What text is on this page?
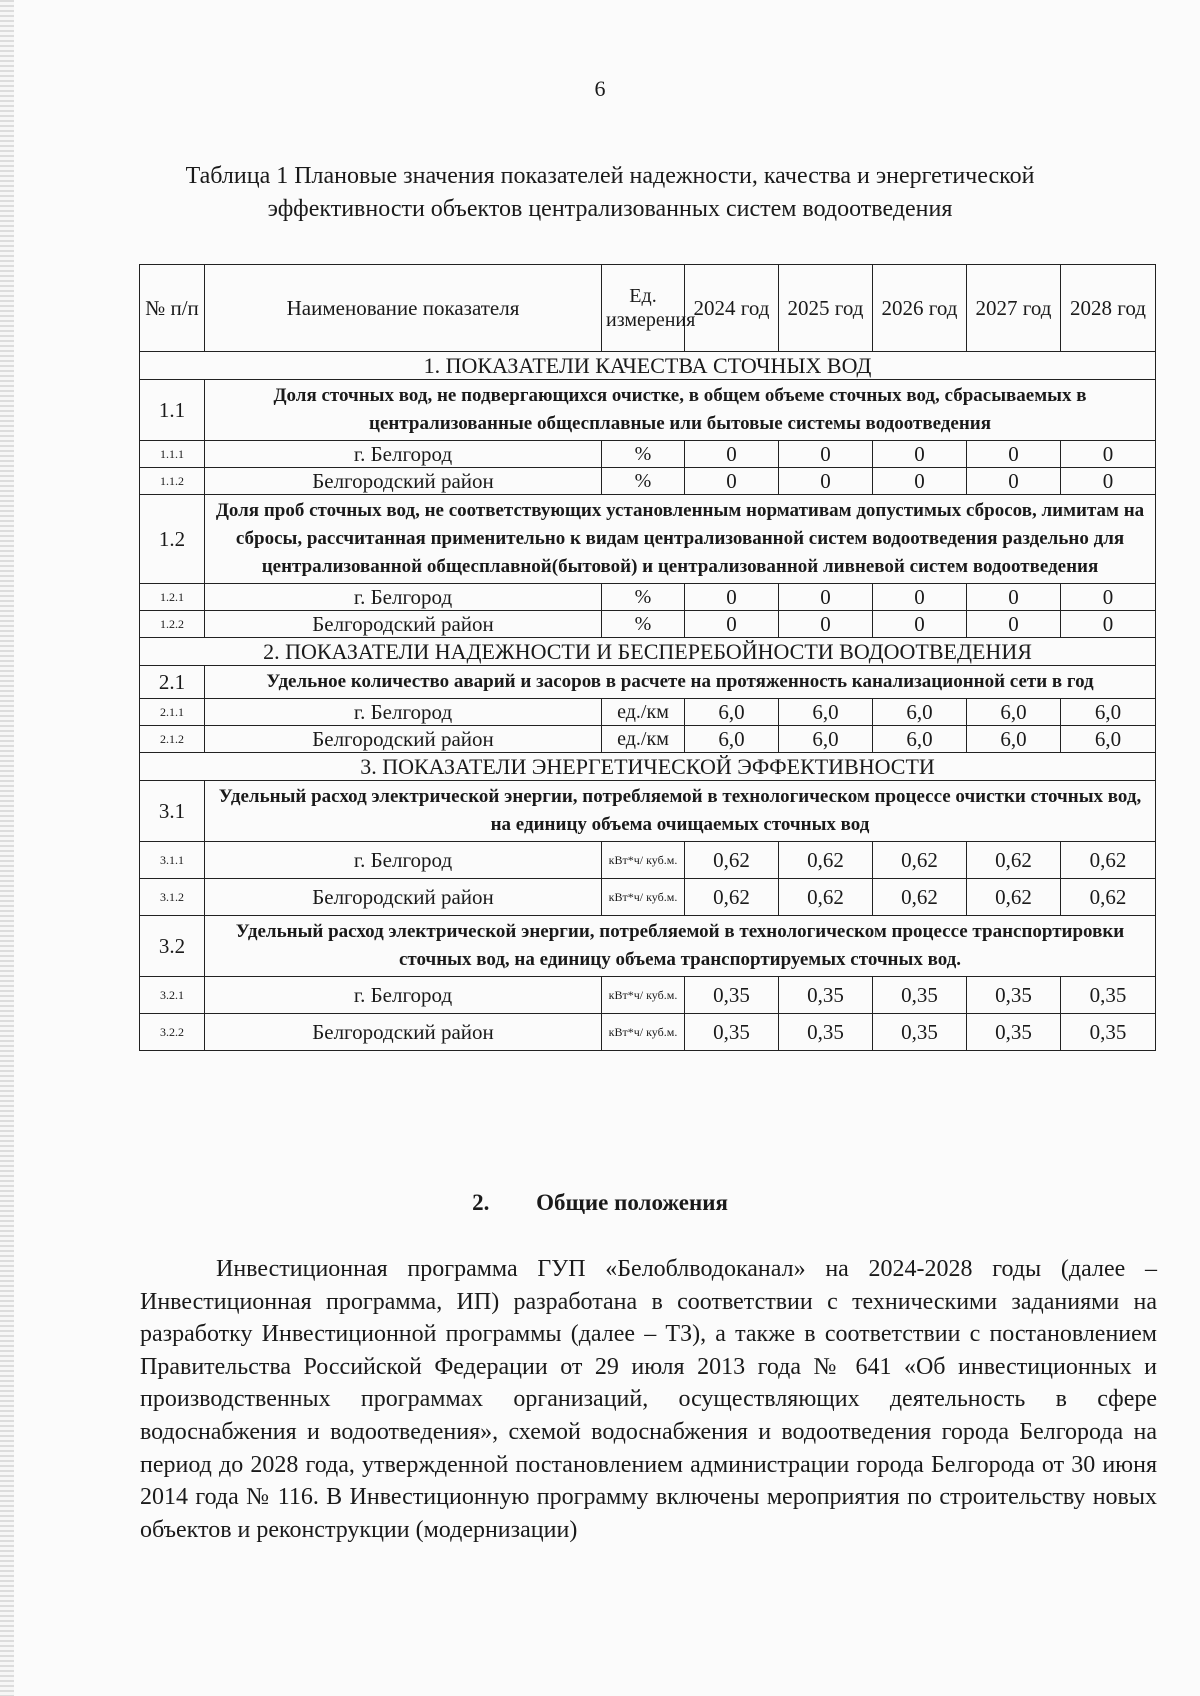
6
Таблица 1 Плановые значения показателей надежности, качества и энергетической эффективности объектов централизованных систем водоотведения
№ п/п	Наименование показателя	Ед. измерения	2024 год	2025 год	2026 год	2027 год	2028 год
1. ПОКАЗАТЕЛИ КАЧЕСТВА СТОЧНЫХ ВОД							
1.1	Доля сточных вод, не подвергающихся очистке, в общем объеме сточных вод, сбрасываемых в централизованные общесплавные или бытовые системы водоотведения						
1.1.1	г. Белгород	%	0	0	0	0	0
1.1.2	Белгородский район	%	0	0	0	0	0
1.2	Доля проб сточных вод, не соответствующих установленным нормативам допустимых сбросов, лимитам на сбросы, рассчитанная применительно к видам централизованной систем водоотведения раздельно для централизованной общесплавной(бытовой) и централизованной ливневой систем водоотведения						
1.2.1	г. Белгород	%	0	0	0	0	0
1.2.2	Белгородский район	%	0	0	0	0	0
2. ПОКАЗАТЕЛИ НАДЕЖНОСТИ И БЕСПЕРЕБОЙНОСТИ ВОДООТВЕДЕНИЯ							
2.1	Удельное количество аварий и засоров в расчете на протяженность канализационной сети в год						
2.1.1	г. Белгород	ед./км	6,0	6,0	6,0	6,0	6,0
2.1.2	Белгородский район	ед./км	6,0	6,0	6,0	6,0	6,0
3. ПОКАЗАТЕЛИ ЭНЕРГЕТИЧЕСКОЙ ЭФФЕКТИВНОСТИ							
3.1	Удельный расход электрической энергии, потребляемой в технологическом процессе очистки сточных вод, на единицу объема очищаемых сточных вод						
3.1.1	г. Белгород	кВт*ч/ куб.м.	0,62	0,62	0,62	0,62	0,62
3.1.2	Белгородский район	кВт*ч/ куб.м.	0,62	0,62	0,62	0,62	0,62
3.2	Удельный расход электрической энергии, потребляемой в технологическом процессе транспортировки сточных вод, на единицу объема транспортируемых сточных вод.						
3.2.1	г. Белгород	кВт*ч/ куб.м.	0,35	0,35	0,35	0,35	0,35
3.2.2	Белгородский район	кВт*ч/ куб.м.	0,35	0,35	0,35	0,35	0,35
2. Общие положения
Инвестиционная программа ГУП «Белоблводоканал» на 2024-2028 годы (далее – Инвестиционная программа, ИП) разработана в соответствии с техническими заданиями на разработку Инвестиционной программы (далее – ТЗ), а также в соответствии с постановлением Правительства Российской Федерации от 29 июля 2013 года № 641 «Об инвестиционных и производственных программах организаций, осуществляющих деятельность в сфере водоснабжения и водоотведения», схемой водоснабжения и водоотведения города Белгорода на период до 2028 года, утвержденной постановлением администрации города Белгорода от 30 июня 2014 года № 116. В Инвестиционную программу включены мероприятия по строительству новых объектов и реконструкции (модернизации)
